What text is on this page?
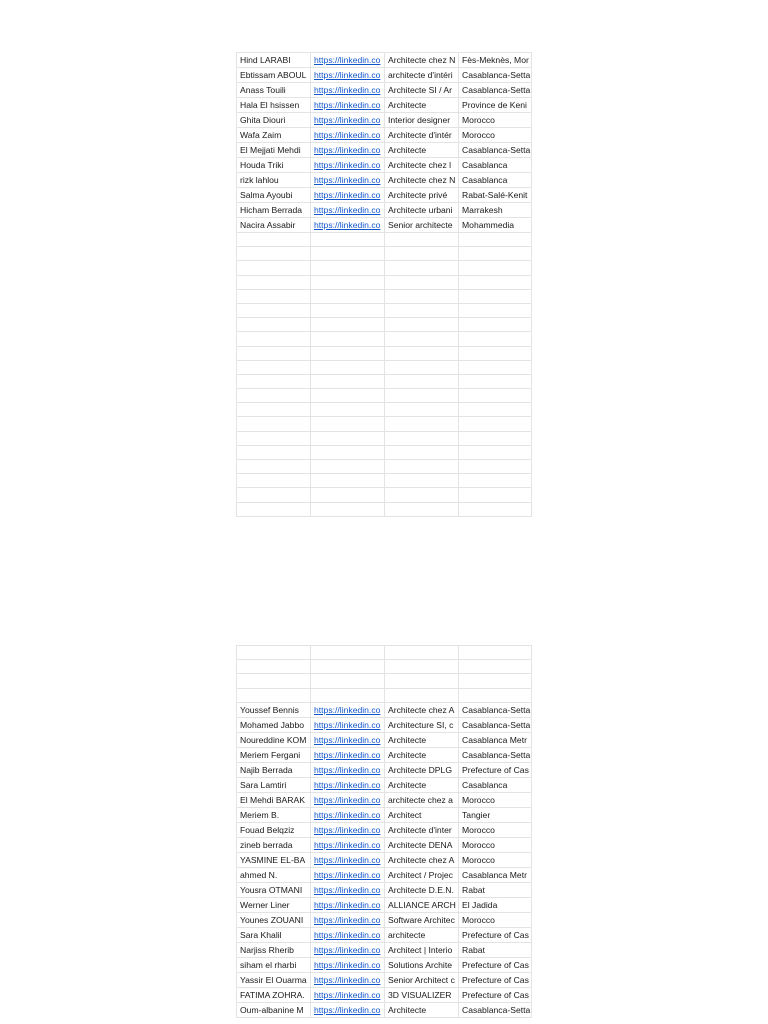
Hind LARABI	https://linkedin.co	Architecte chez N	Fès-Meknès, Mor
Ebtissam ABOUL	https://linkedin.co	architecte d'intéri	Casablanca-Setta
Anass Touili	https://linkedin.co	Architecte SI / Ar	Casablanca-Setta
Hala El hsissen	https://linkedin.co	Architecte	Province de Keni
Ghita Diouri	https://linkedin.co	Interior designer	Morocco
Wafa Zaim	https://linkedin.co	Architecte d'intér	Morocco
El Mejjati Mehdi	https://linkedin.co	Architecte	Casablanca-Setta
Houda Triki	https://linkedin.co	Architecte chez l	Casablanca
rizk lahlou	https://linkedin.co	Architecte chez N	Casablanca
Salma Ayoubi	https://linkedin.co	Architecte privé	Rabat-Salé-Kenit
Hicham Berrada	https://linkedin.co	Architecte urbani	Marrakesh
Nacira Assabir	https://linkedin.co	Senior architecte	Mohammedia

Youssef Bennis	https://linkedin.co	Architecte chez A	Casablanca-Setta
Mohamed Jabbo	https://linkedin.co	Architecture SI, c	Casablanca-Setta
Noureddine KOM	https://linkedin.co	Architecte	Casablanca Metr
Meriem Fergani	https://linkedin.co	Architecte	Casablanca-Setta
Najib Berrada	https://linkedin.co	Architecte DPLG	Prefecture of Cas
Sara Lamtiri	https://linkedin.co	Architecte	Casablanca
El Mehdi BARAK	https://linkedin.co	architecte chez a	Morocco
Meriem B.	https://linkedin.co	Architect	Tangier
Fouad Belqziz	https://linkedin.co	Architecte d'inter	Morocco
zineb berrada	https://linkedin.co	Architecte DENA	Morocco
YASMINE EL-BA	https://linkedin.co	Architecte chez A	Morocco
ahmed N.	https://linkedin.co	Architect / Projec	Casablanca Metr
Yousra OTMANI	https://linkedin.co	Architecte D.E.N.	Rabat
Werner Liner	https://linkedin.co	ALLIANCE ARCH	El Jadida
Younes ZOUANI	https://linkedin.co	Software Architec	Morocco
Sara Khalil	https://linkedin.co	architecte	Prefecture of Cas
Narjiss Rherib	https://linkedin.co	Architect | Interio	Rabat
siham el rharbi	https://linkedin.co	Solutions Archite	Prefecture of Cas
Yassir El Ouarma	https://linkedin.co	Senior Architect c	Prefecture of Cas
FATIMA ZOHRA.	https://linkedin.co	3D VISUALIZER	Prefecture of Cas
Oum-albanine M	https://linkedin.co	Architecte	Casablanca-Setta
